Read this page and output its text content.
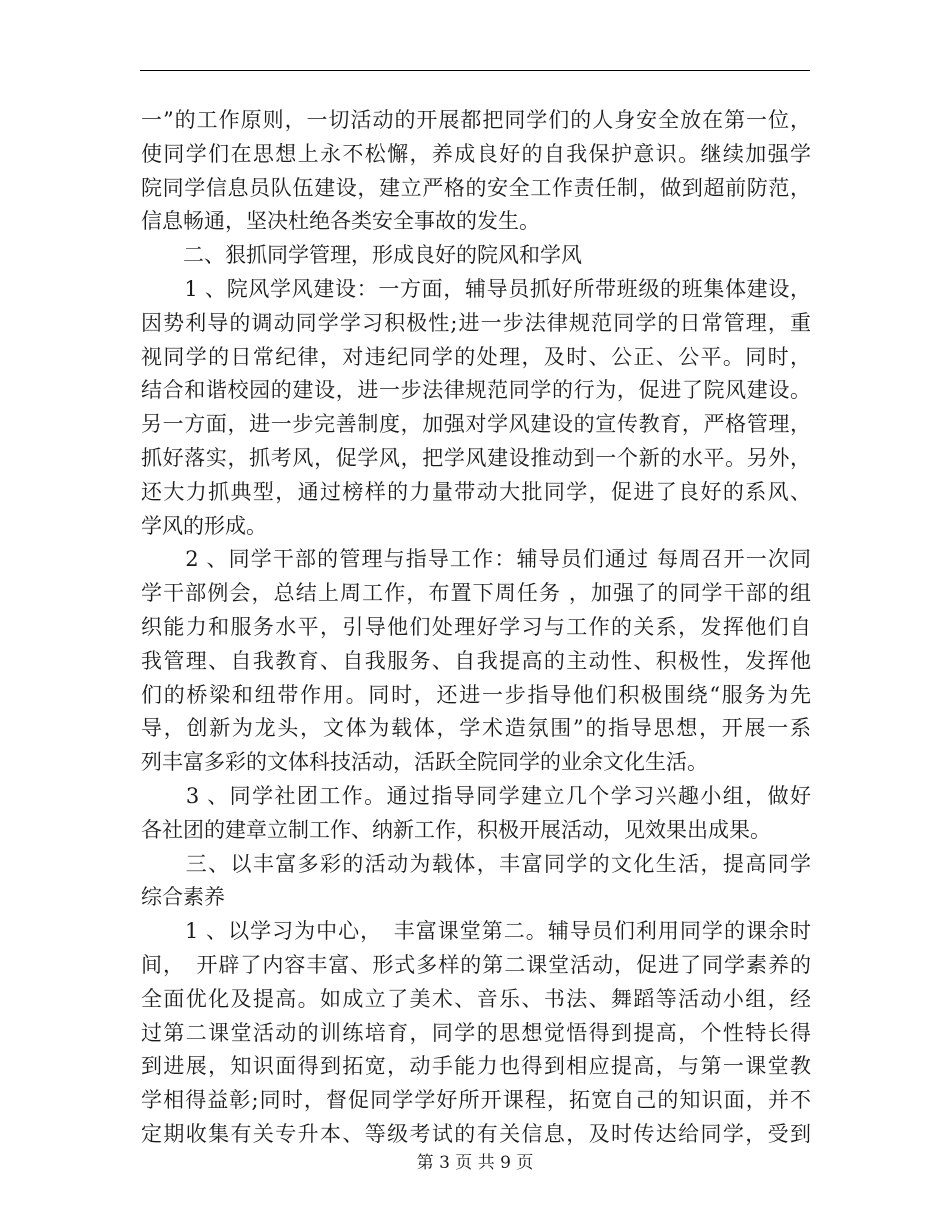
一”的工作原则，一切活动的开展都把同学们的人身安全放在第一位，
使同学们在思想上永不松懈，养成良好的自我保护意识。继续加强学
院同学信息员队伍建设，建立严格的安全工作责任制，做到超前防范，
信息畅通，坚决杜绝各类安全事故的发生。
　　二、狠抓同学管理，形成良好的院风和学风
　　1 、院风学风建设：一方面，辅导员抓好所带班级的班集体建设，
因势利导的调动同学学习积极性;进一步法律规范同学的日常管理，重
视同学的日常纪律，对违纪同学的处理，及时、公正、公平。同时，
结合和谐校园的建设，进一步法律规范同学的行为，促进了院风建设。
另一方面，进一步完善制度，加强对学风建设的宣传教育，严格管理，
抓好落实，抓考风，促学风，把学风建设推动到一个新的水平。另外，
还大力抓典型，通过榜样的力量带动大批同学，促进了良好的系风、
学风的形成。
　　2 、同学干部的管理与指导工作：辅导员们通过 每周召开一次同
学干部例会，总结上周工作，布置下周任务 ，加强了的同学干部的组
织能力和服务水平，引导他们处理好学习与工作的关系，发挥他们自
我管理、自我教育、自我服务、自我提高的主动性、积极性，发挥他
们的桥梁和纽带作用。同时，还进一步指导他们积极围绕“服务为先
导，创新为龙头，文体为载体，学术造氛围”的指导思想，开展一系
列丰富多彩的文体科技活动，活跃全院同学的业余文化生活。
　　3 、同学社团工作。通过指导同学建立几个学习兴趣小组，做好
各社团的建章立制工作、纳新工作，积极开展活动，见效果出成果。
　　三、以丰富多彩的活动为载体，丰富同学的文化生活，提高同学
综合素养
　　1 、以学习为中心，　丰富课堂第二。辅导员们利用同学的课余时
间，　开辟了内容丰富、形式多样的第二课堂活动，促进了同学素养的
全面优化及提高。如成立了美术、音乐、书法、舞蹈等活动小组，经
过第二课堂活动的训练培育，同学的思想觉悟得到提高，个性特长得
到进展，知识面得到拓宽，动手能力也得到相应提高，与第一课堂教
学相得益彰;同时，督促同学学好所开课程，拓宽自己的知识面，并不
定期收集有关专升本、等级考试的有关信息，及时传达给同学，受到
第 3 页 共 9 页
